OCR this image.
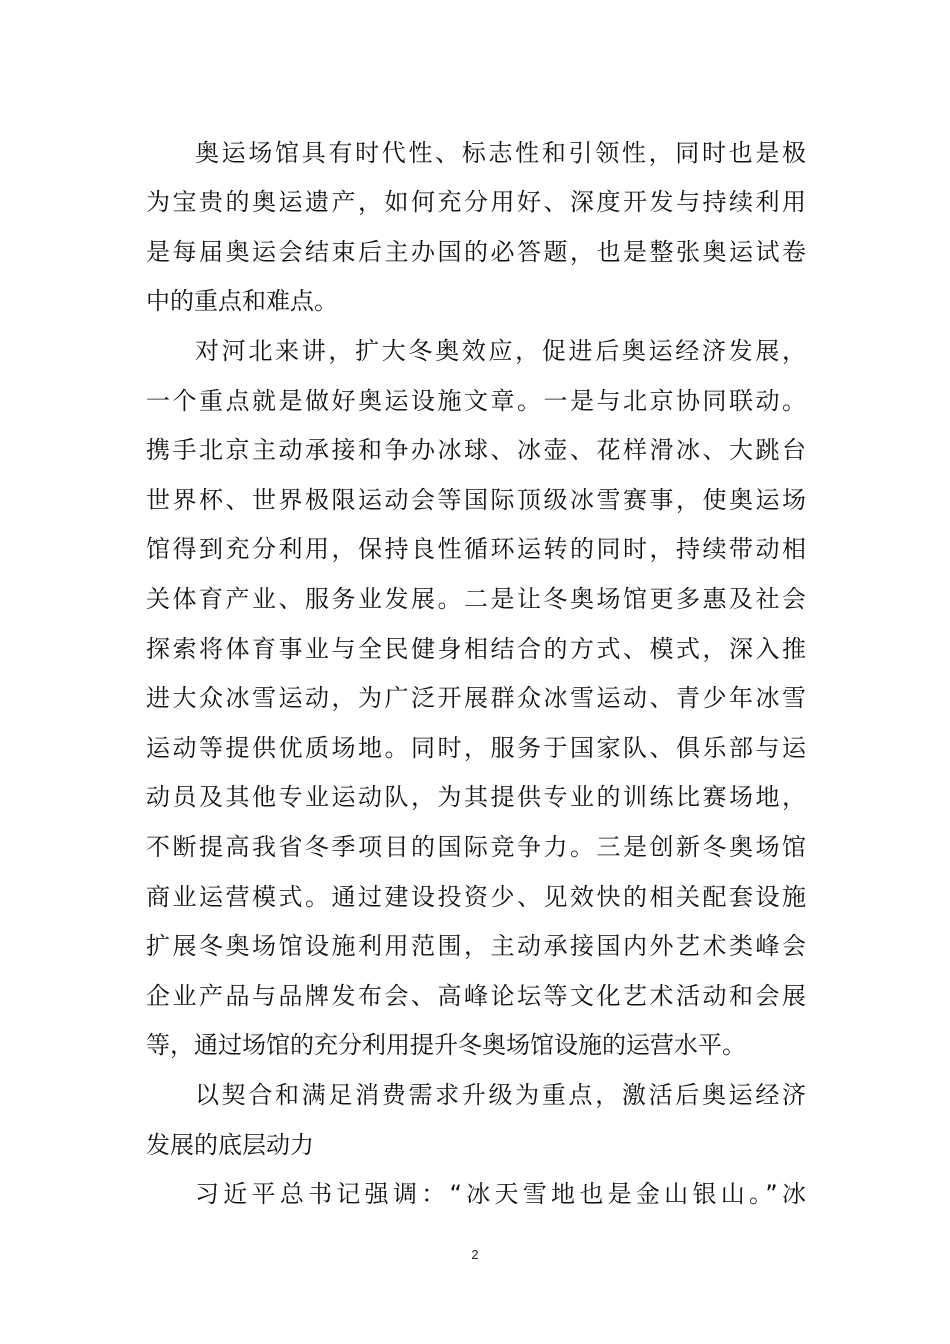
奥运场馆具有时代性、标志性和引领性，同时也是极
为宝贵的奥运遗产，如何充分用好、深度开发与持续利用
是每届奥运会结束后主办国的必答题，也是整张奥运试卷
中的重点和难点。
对河北来讲，扩大冬奥效应，促进后奥运经济发展，
一个重点就是做好奥运设施文章。一是与北京协同联动。
携手北京主动承接和争办冰球、冰壶、花样滑冰、大跳台
世界杯、世界极限运动会等国际顶级冰雪赛事，使奥运场
馆得到充分利用，保持良性循环运转的同时，持续带动相
关体育产业、服务业发展。二是让冬奥场馆更多惠及社会
探索将体育事业与全民健身相结合的方式、模式，深入推
进大众冰雪运动，为广泛开展群众冰雪运动、青少年冰雪
运动等提供优质场地。同时，服务于国家队、俱乐部与运
动员及其他专业运动队，为其提供专业的训练比赛场地，
不断提高我省冬季项目的国际竞争力。三是创新冬奥场馆
商业运营模式。通过建设投资少、见效快的相关配套设施
扩展冬奥场馆设施利用范围，主动承接国内外艺术类峰会
企业产品与品牌发布会、高峰论坛等文化艺术活动和会展
等，通过场馆的充分利用提升冬奥场馆设施的运营水平。
以契合和满足消费需求升级为重点，激活后奥运经济
发展的底层动力
习近平总书记强调：“冰天雪地也是金山银山。”冰
2
